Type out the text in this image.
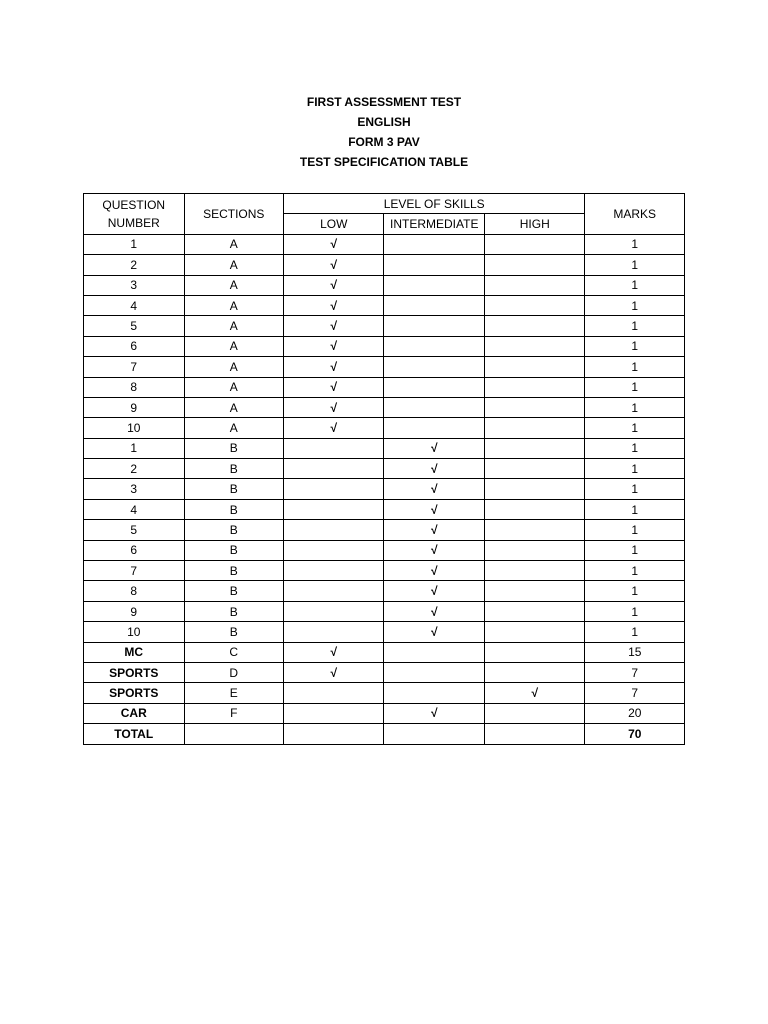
FIRST ASSESSMENT TEST
ENGLISH
FORM 3 PAV
TEST SPECIFICATION TABLE
QUESTION
NUMBER	SECTIONS	LEVEL OF SKILLS			MARKS
		LOW	INTERMEDIATE	HIGH	
1	A	√			1
2	A	√			1
3	A	√			1
4	A	√			1
5	A	√			1
6	A	√			1
7	A	√			1
8	A	√			1
9	A	√			1
10	A	√			1
1	B		√		1
2	B		√		1
3	B		√		1
4	B		√		1
5	B		√		1
6	B		√		1
7	B		√		1
8	B		√		1
9	B		√		1
10	B		√		1
MC	C	√			15
SPORTS	D	√			7
SPORTS	E			√	7
CAR	F		√		20
TOTAL					70
